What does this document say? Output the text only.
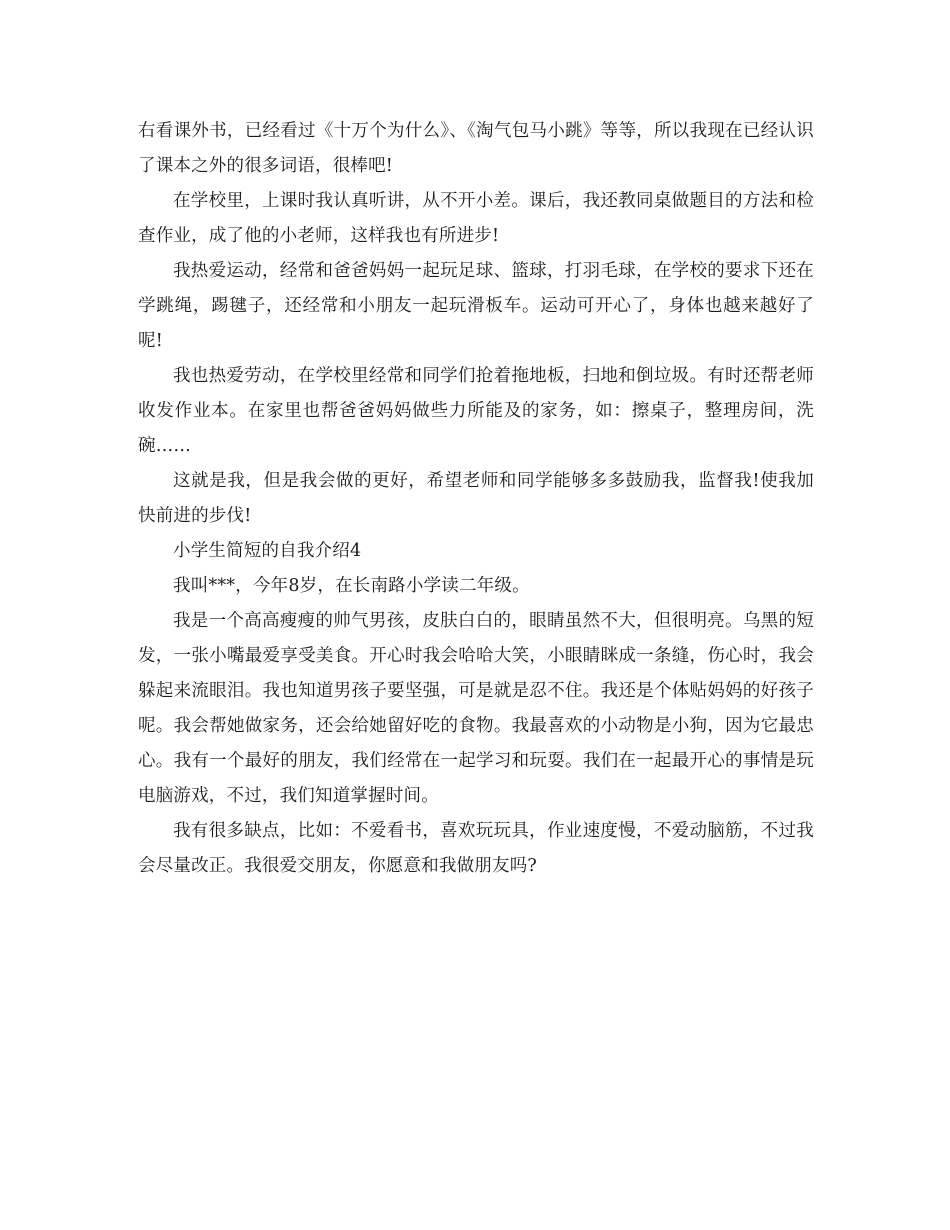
右看课外书，已经看过《十万个为什么》、《淘气包马小跳》等等，所以我现在已经认识了课本之外的很多词语，很棒吧!

在学校里，上课时我认真听讲，从不开小差。课后，我还教同桌做题目的方法和检查作业，成了他的小老师，这样我也有所进步!

我热爱运动，经常和爸爸妈妈一起玩足球、篮球，打羽毛球，在学校的要求下还在学跳绳，踢毽子，还经常和小朋友一起玩滑板车。运动可开心了，身体也越来越好了呢!

我也热爱劳动，在学校里经常和同学们抢着拖地板，扫地和倒垃圾。有时还帮老师收发作业本。在家里也帮爸爸妈妈做些力所能及的家务，如：擦桌子，整理房间，洗碗……

这就是我，但是我会做的更好，希望老师和同学能够多多鼓励我，监督我!使我加快前进的步伐!

小学生简短的自我介绍4

我叫***，今年8岁，在长南路小学读二年级。

我是一个高高瘦瘦的帅气男孩，皮肤白白的，眼睛虽然不大，但很明亮。乌黑的短发，一张小嘴最爱享受美食。开心时我会哈哈大笑，小眼睛眯成一条缝，伤心时，我会躲起来流眼泪。我也知道男孩子要坚强，可是就是忍不住。我还是个体贴妈妈的好孩子呢。我会帮她做家务，还会给她留好吃的食物。我最喜欢的小动物是小狗，因为它最忠心。我有一个最好的朋友，我们经常在一起学习和玩耍。我们在一起最开心的事情是玩电脑游戏，不过，我们知道掌握时间。

我有很多缺点，比如：不爱看书，喜欢玩玩具，作业速度慢，不爱动脑筋，不过我会尽量改正。我很爱交朋友，你愿意和我做朋友吗?
